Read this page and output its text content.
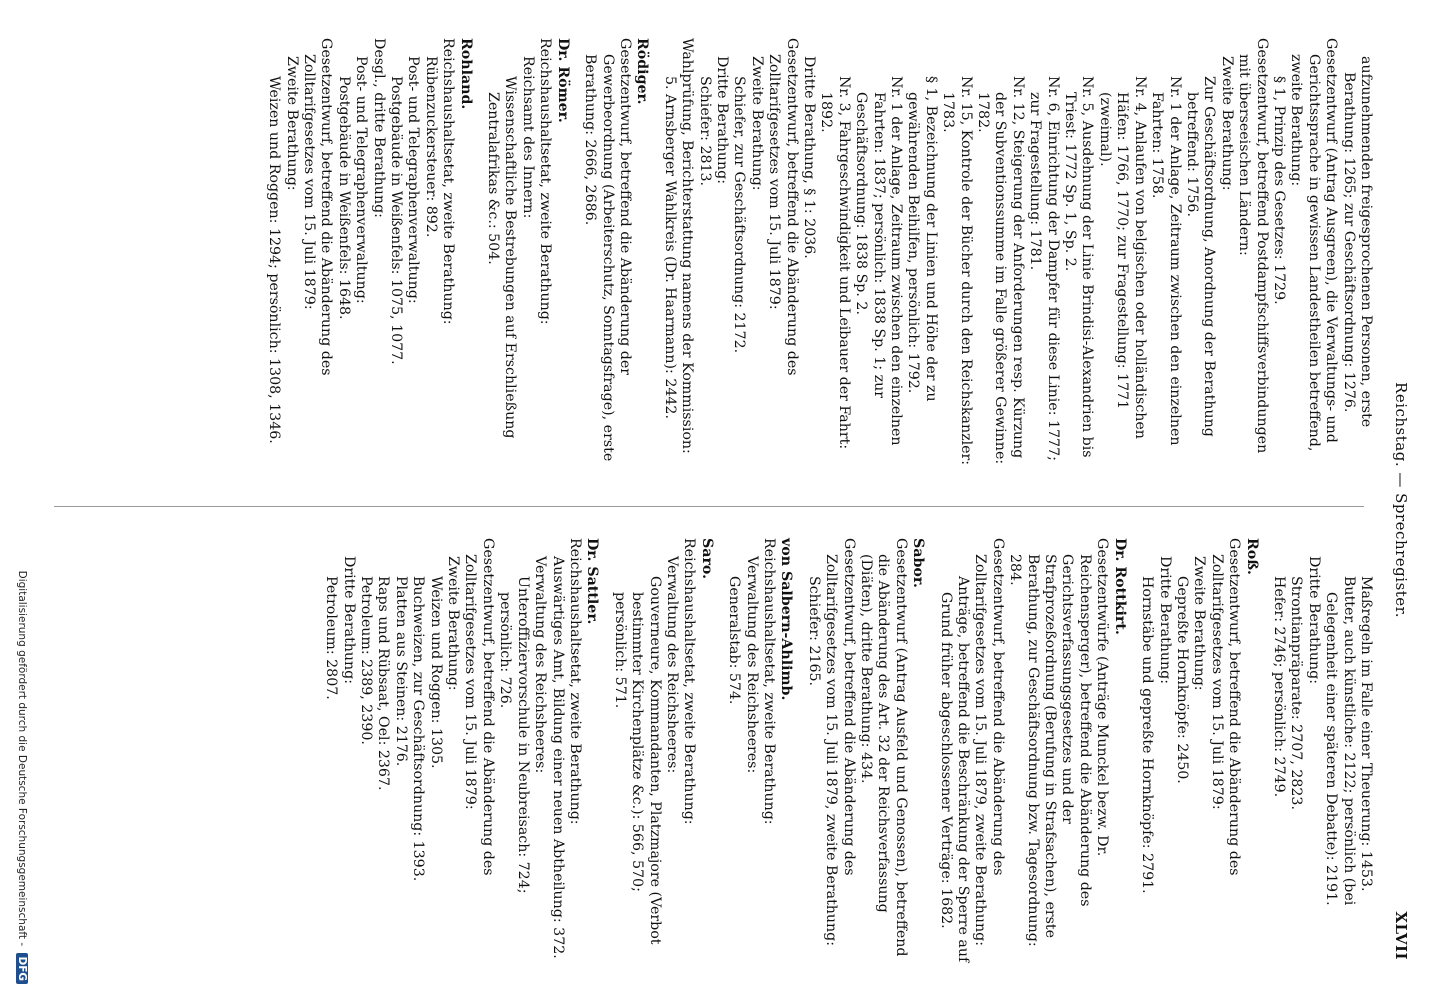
Reichstag. — Sprechregister.
XLVII
aufzunehmenden freigesprochenen Personen, erste Berathung: 1265; zur Geschäftsordnung: 1276.
Gesetzentwurf (Antrag Ausgreen), die Verwaltungs- und Gerichtssprache in gewissen Landestheilen betreffend, zweite Berathung:
§ 1, Prinzip des Gesetzes: 1729.
Gesetzentwurf, betreffend Postdampfschiffsverbindungen mit überseeischen Ländern:
Zweite Berathung:
Zur Geschäftsordnung, Anordnung der Berathung betreffend: 1756.
Nr. 1 der Anlage, Zeitraum zwischen den einzelnen Fahrten: 1758.
Nr. 4, Anlaufen von belgischen oder holländischen Häfen: 1766, 1770; zur Fragestellung: 1771 (zweimal).
Nr. 5, Ausdehnung der Linie Brindisi-Alexandrien bis Triest: 1772 Sp. 1, Sp. 2.
Nr. 6, Einrichtung der Dampfer für diese Linie: 1777; zur Fragestellung: 1781.
Nr. 12, Steigerung der Anforderungen resp. Kürzung der Subventionssumme im Falle größerer Gewinne: 1782.
Nr. 15, Kontrole der Bücher durch den Reichskanzler: 1783.
§ 1, Bezeichnung der Linien und Höhe der zu gewährenden Beihilfen, persönlich: 1792.
Nr. 1 der Anlage, Zeitraum zwischen den einzelnen Fahrten: 1837; persönlich: 1838 Sp. 1; zur Geschäftsordnung: 1838 Sp. 2.
Nr. 3, Fahrgeschwindigkeit und Leibauer der Fahrt: 1892.
Dritte Berathung, § 1: 2036.
Gesetzentwurf, betreffend die Abänderung des Zolltarifgesetzes vom 15. Juli 1879:
Zweite Berathung:
Schiefer, zur Geschäftsordnung: 2172.
Dritte Berathung:
Schiefer: 2813.
Wahlprüfung, Berichterstattung namens der Kommission:
5. Arnsberger Wahlkreis (Dr. Haarmann): 2442.
Rödiger.
Gesetzentwurf, betreffend die Abänderung der Gewerbeordnung (Arbeiterschutz, Sonntagsfrage), erste Berathung: 2666, 2686.
Dr. Römer.
Reichshaushaltsetat, zweite Berathung:
Reichsamt des Innern:
Wissenschaftliche Bestrebungen auf Erschließung Zentralafrikas &c.: 504.
Rohland.
Reichshaushaltsetat, zweite Berathung:
Rübenzuckersteuer: 892.
Post- und Telegraphenverwaltung:
Postgebäude in Weißenfels: 1075, 1077.
Desgl., dritte Berathung:
Post- und Telegraphenverwaltung:
Postgebäude in Weißenfels: 1648.
Gesetzentwurf, betreffend die Abänderung des Zolltarifgesetzes vom 15. Juli 1879:
Zweite Berathung:
Weizen und Roggen: 1294; persönlich: 1308, 1346.
Maßregeln im Falle einer Theuerung: 1453.
Butter, auch künstliche: 2122; persönlich (bei Gelegenheit einer späteren Debatte): 2191.
Dritte Berathung:
Strontianpräparate: 2707, 2823.
Hefer: 2746; persönlich: 2749.
Roß.
Gesetzentwurf, betreffend die Abänderung des Zolltarifgesetzes vom 15. Juli 1879:
Zweite Berathung:
Gepreßte Hornknöpfe: 2450.
Dritte Berathung:
Hornstäbe und gepreßte Hornknöpfe: 2791.
Dr. Rottkirt.
Gesetzentwürfe (Anträge Munckel bezw. Dr. Reichensperger), betreffend die Abänderung des Gerichtsverfassungsgesetzes und der Strafprozeßordnung (Berufung in Strafsachen), erste Berathung, zur Geschäftsordnung bzw. Tagesordnung: 284.
Gesetzentwurf, betreffend die Abänderung des Zolltarifgesetzes vom 15. Juli 1879, zweite Berathung:
Anträge, betreffend die Beschränkung der Sperre auf Grund früher abgeschlossener Verträge: 1682.
Sabor.
Gesetzentwurf (Antrag Ausfeld und Genossen), betreffend die Abänderung des Art. 32 der Reichsverfassung (Diäten), dritte Berathung: 434.
Gesetzentwurf, betreffend die Abänderung des Zolltarifgesetzes vom 15. Juli 1879, zweite Berathung:
Schiefer: 2165.
von Salbern-Ahlimb.
Reichshaushaltsetat, zweite Berathung:
Verwaltung des Reichsheeres:
Generalstab: 574.
Saro.
Reichshaushaltsetat, zweite Berathung:
Verwaltung des Reichsheeres:
Gouverneure, Kommandanten, Platzmajore (Verbot bestimmter Kirchenplätze &c.): 566, 570; persönlich: 571.
Dr. Sattler.
Reichshaushaltsetat, zweite Berathung:
Auswärtiges Amt, Bildung einer neuen Abtheilung: 372.
Verwaltung des Reichsheeres:
Unteroffiziervorschule in Neubreisach: 724; persönlich: 726.
Gesetzentwurf, betreffend die Abänderung des Zolltarifgesetzes vom 15. Juli 1879:
Zweite Berathung:
Weizen und Roggen: 1305.
Buchweizen, zur Geschäftsordnung: 1393.
Platten aus Steinen: 2176.
Raps und Rübsaat, Oel: 2367.
Petroleum: 2389, 2390.
Dritte Berathung:
Petroleum: 2807.
Digitalisierung gefördert durch die Deutsche Forschungsgemeinschaft - DFG
